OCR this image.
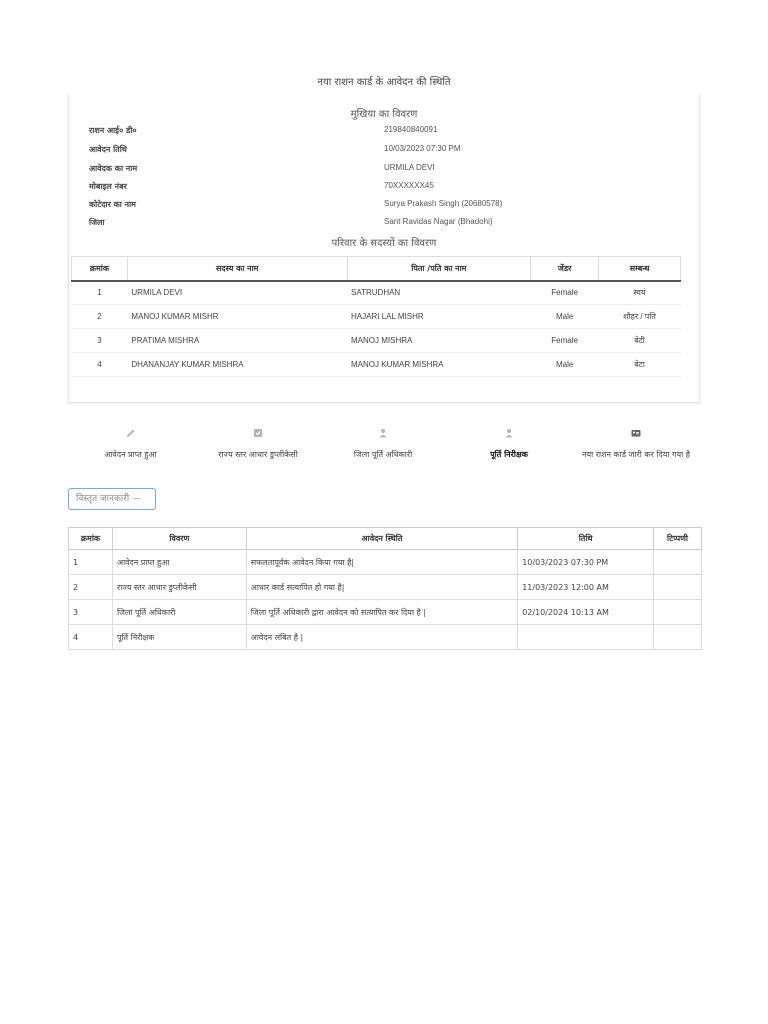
नया राशन कार्ड के आवेदन की स्थिति
मुखिया का विवरण
राशन आई० डी०	219840840091
आवेदन तिथि	10/03/2023 07:30 PM
आवेदक का नाम	URMILA DEVI
मोबाइल नंबर	70XXXXXX45
कोटेदार का नाम	Surya Prakash Singh (20680578)
जिला	Sant Ravidas Nagar (Bhadohi)
परिवार के सदस्यों का विवरण
क्रमांक	सदस्य का नाम	पिता /पति का नाम	जेंडर	सम्बन्ध
1	URMILA DEVI	SATRUDHAN	Female	स्वयं
2	MANOJ KUMAR MISHR	HAJARI LAL MISHR	Male	शौहर / पति
3	PRATIMA MISHRA	MANOJ MISHRA	Female	बेटी
4	DHANANJAY KUMAR MISHRA	MANOJ KUMAR MISHRA	Male	बेटा
आवेदन प्राप्त हुआ	राज्य स्तर आधार डुप्लीकेसी	जिला पूर्ति अधिकारी	पूर्ति निरीक्षक	नया राशन कार्ड जारी कर दिया गया है
विस्तृत जानकारी —
क्रमांक	विवरण	आवेदन स्थिति	तिथि	टिप्पणी
1	आवेदन प्राप्त हुआ	सफलतापूर्वक आवेदन किया गया है|	10/03/2023 07:30 PM	
2	राज्य स्तर आधार डुप्लीकेसी	आधार कार्ड सत्यापित हो गया है|	11/03/2023 12:00 AM	
3	जिला पूर्ति अधिकारी	जिला पूर्ति अधिकारी द्वारा आवेदन को सत्यापित कर दिया है |	02/10/2024 10:13 AM	
4	पूर्ति निरीक्षक	आवेदन लंबित है |		
